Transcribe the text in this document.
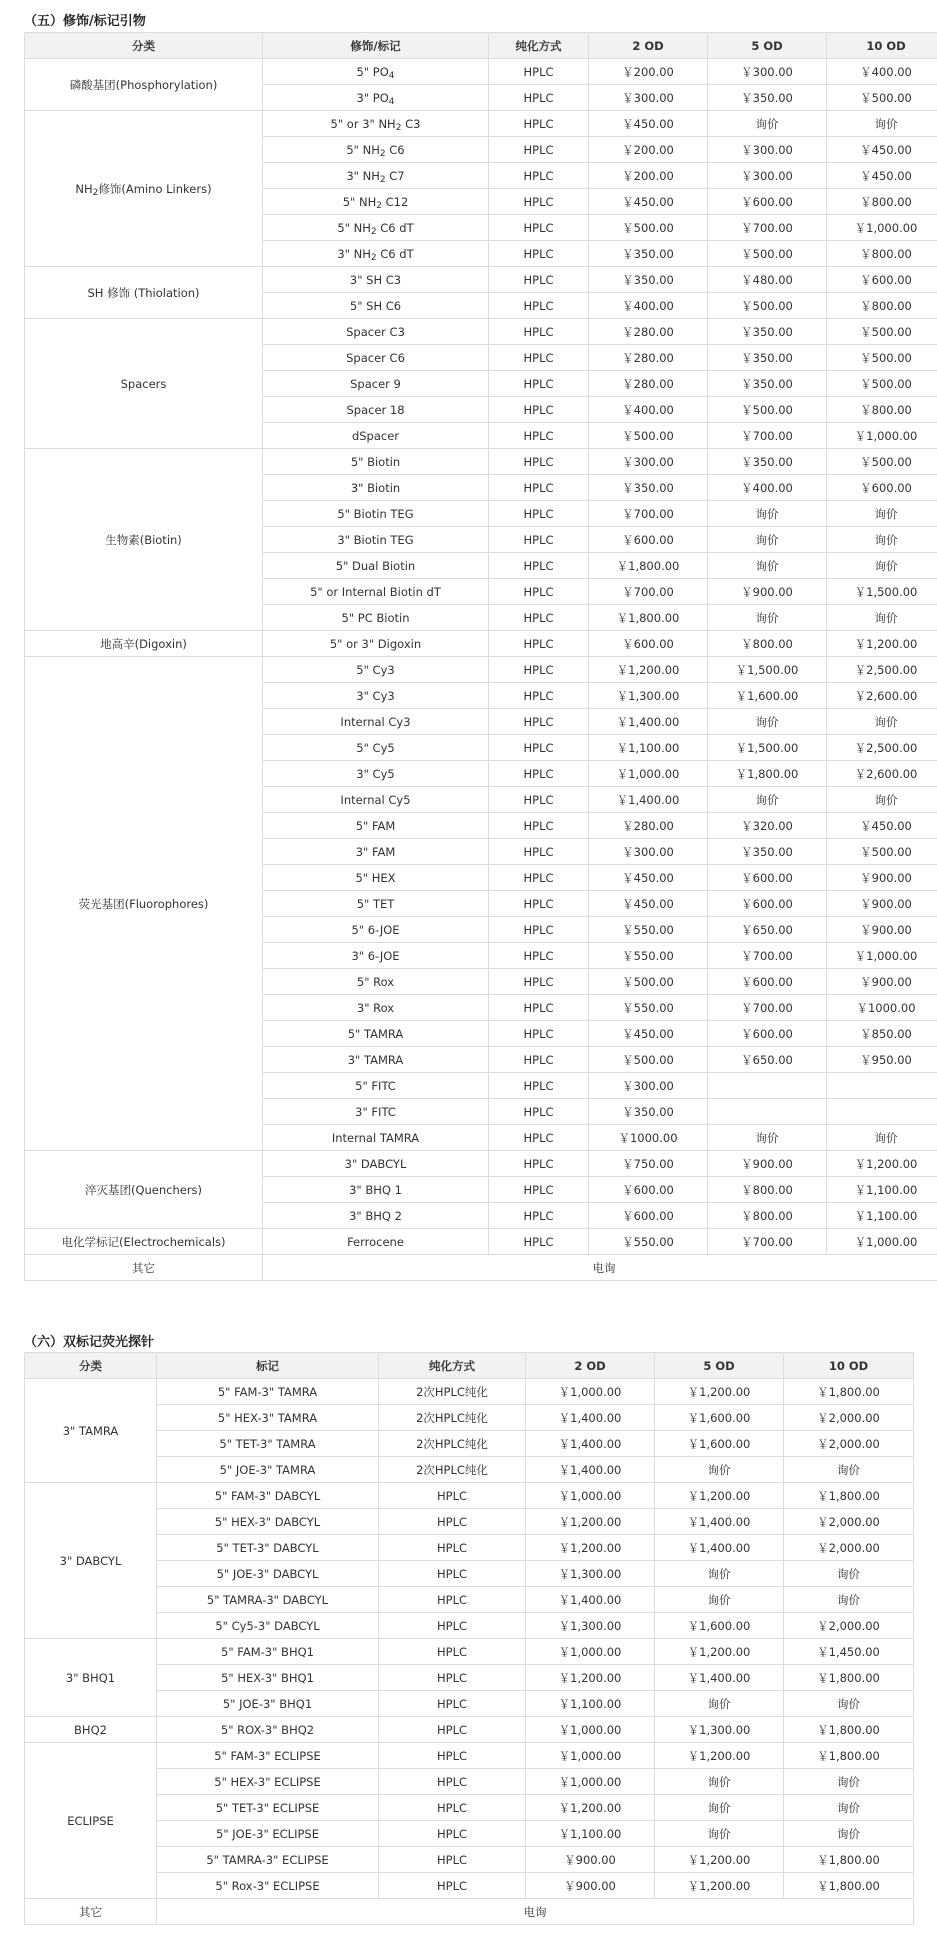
（五）修饰/标记引物
分类	修饰/标记	纯化方式	2 OD	5 OD	10 OD
磷酸基团(Phosphorylation)	5" $PO_4$	HPLC	￥200.00	￥300.00	￥400.00
	3" $PO_4$	HPLC	￥300.00	￥350.00	￥500.00
$NH_2$修饰(Amino Linkers)	5" or 3" $NH_2$ C3	HPLC	￥450.00	询价	询价
	5" $NH_2$ C6	HPLC	￥200.00	￥300.00	￥450.00
	3" $NH_2$ C7	HPLC	￥200.00	￥300.00	￥450.00
	5" $NH_2$ C12	HPLC	￥450.00	￥600.00	￥800.00
	5" $NH_2$ C6 dT	HPLC	￥500.00	￥700.00	￥1,000.00
	3" $NH_2$ C6 dT	HPLC	￥350.00	￥500.00	￥800.00
SH 修饰 (Thiolation)	3" SH C3	HPLC	￥350.00	￥480.00	￥600.00
	5" SH C6	HPLC	￥400.00	￥500.00	￥800.00
Spacers	Spacer C3	HPLC	￥280.00	￥350.00	￥500.00
	Spacer C6	HPLC	￥280.00	￥350.00	￥500.00
	Spacer 9	HPLC	￥280.00	￥350.00	￥500.00
	Spacer 18	HPLC	￥400.00	￥500.00	￥800.00
	dSpacer	HPLC	￥500.00	￥700.00	￥1,000.00
生物素(Biotin)	5" Biotin	HPLC	￥300.00	￥350.00	￥500.00
	3" Biotin	HPLC	￥350.00	￥400.00	￥600.00
	5" Biotin TEG	HPLC	￥700.00	询价	询价
	3" Biotin TEG	HPLC	￥600.00	询价	询价
	5" Dual Biotin	HPLC	￥1,800.00	询价	询价
	5" or Internal Biotin dT	HPLC	￥700.00	￥900.00	￥1,500.00
	5" PC Biotin	HPLC	￥1,800.00	询价	询价
地高辛(Digoxin)	5" or 3" Digoxin	HPLC	￥600.00	￥800.00	￥1,200.00
荧光基团(Fluorophores)	5" Cy3	HPLC	￥1,200.00	￥1,500.00	￥2,500.00
	3" Cy3	HPLC	￥1,300.00	￥1,600.00	￥2,600.00
	Internal Cy3	HPLC	￥1,400.00	询价	询价
	5" Cy5	HPLC	￥1,100.00	￥1,500.00	￥2,500.00
	3" Cy5	HPLC	￥1,000.00	￥1,800.00	￥2,600.00
	Internal Cy5	HPLC	￥1,400.00	询价	询价
	5" FAM	HPLC	￥280.00	￥320.00	￥450.00
	3" FAM	HPLC	￥300.00	￥350.00	￥500.00
	5" HEX	HPLC	￥450.00	￥600.00	￥900.00
	5" TET	HPLC	￥450.00	￥600.00	￥900.00
	5" 6-JOE	HPLC	￥550.00	￥650.00	￥900.00
	3" 6-JOE	HPLC	￥550.00	￥700.00	￥1,000.00
	5" Rox	HPLC	￥500.00	￥600.00	￥900.00
	3" Rox	HPLC	￥550.00	￥700.00	￥1000.00
	5" TAMRA	HPLC	￥450.00	￥600.00	￥850.00
	3" TAMRA	HPLC	￥500.00	￥650.00	￥950.00
	5" FITC	HPLC	￥300.00		
	3" FITC	HPLC	￥350.00		
	Internal TAMRA	HPLC	￥1000.00	询价	询价
淬灭基团(Quenchers)	3" DABCYL	HPLC	￥750.00	￥900.00	￥1,200.00
	3" BHQ 1	HPLC	￥600.00	￥800.00	￥1,100.00
	3" BHQ 2	HPLC	￥600.00	￥800.00	￥1,100.00
电化学标记(Electrochemicals)	Ferrocene	HPLC	￥550.00	￥700.00	￥1,000.00
其它	电询				
（六）双标记荧光探针
分类	标记	纯化方式	2 OD	5 OD	10 OD
3" TAMRA	5" FAM-3" TAMRA	2次HPLC纯化	￥1,000.00	￥1,200.00	￥1,800.00
	5" HEX-3" TAMRA	2次HPLC纯化	￥1,400.00	￥1,600.00	￥2,000.00
	5" TET-3" TAMRA	2次HPLC纯化	￥1,400.00	￥1,600.00	￥2,000.00
	5" JOE-3" TAMRA	2次HPLC纯化	￥1,400.00	询价	询价
3" DABCYL	5" FAM-3" DABCYL	HPLC	￥1,000.00	￥1,200.00	￥1,800.00
	5" HEX-3" DABCYL	HPLC	￥1,200.00	￥1,400.00	￥2,000.00
	5" TET-3" DABCYL	HPLC	￥1,200.00	￥1,400.00	￥2,000.00
	5" JOE-3" DABCYL	HPLC	￥1,300.00	询价	询价
	5" TAMRA-3" DABCYL	HPLC	￥1,400.00	询价	询价
	5" Cy5-3" DABCYL	HPLC	￥1,300.00	￥1,600.00	￥2,000.00
3" BHQ1	5" FAM-3" BHQ1	HPLC	￥1,000.00	￥1,200.00	￥1,450.00
	5" HEX-3" BHQ1	HPLC	￥1,200.00	￥1,400.00	￥1,800.00
	5" JOE-3" BHQ1	HPLC	￥1,100.00	询价	询价
BHQ2	5" ROX-3" BHQ2	HPLC	￥1,000.00	￥1,300.00	￥1,800.00
ECLIPSE	5" FAM-3" ECLIPSE	HPLC	￥1,000.00	￥1,200.00	￥1,800.00
	5" HEX-3" ECLIPSE	HPLC	￥1,000.00	询价	询价
	5" TET-3" ECLIPSE	HPLC	￥1,200.00	询价	询价
	5" JOE-3" ECLIPSE	HPLC	￥1,100.00	询价	询价
	5" TAMRA-3" ECLIPSE	HPLC	￥900.00	￥1,200.00	￥1,800.00
	5" Rox-3" ECLIPSE	HPLC	￥900.00	￥1,200.00	￥1,800.00
其它	电询				
